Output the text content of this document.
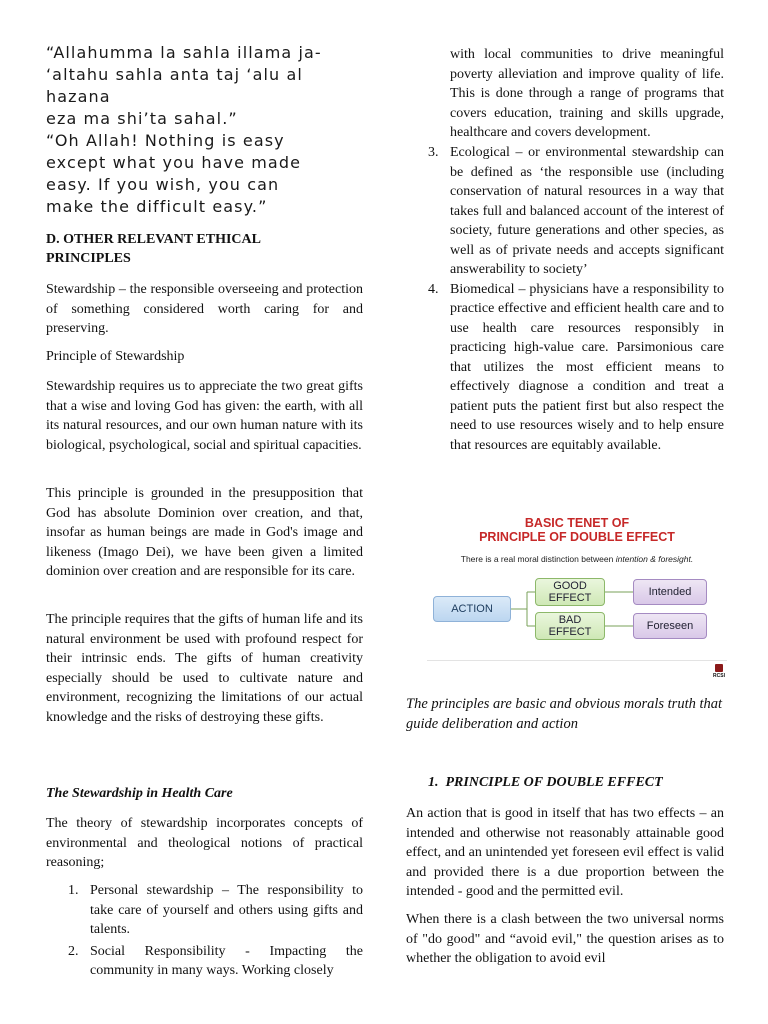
“Allahumma la sahla illama ja-
‘altahu sahla anta taj ‘alu al hazana
eza ma shi’ta sahal.”
“Oh Allah! Nothing is easy
except what you have made
easy. If you wish, you can
make the difficult easy.”
D. OTHER RELEVANT ETHICAL PRINCIPLES

Stewardship – the responsible overseeing and protection of something considered worth caring for and preserving.

Principle of Stewardship

Stewardship requires us to appreciate the two great gifts that a wise and loving God has given: the earth, with all its natural resources, and our own human nature with its biological, psychological, social and spiritual capacities.

This principle is grounded in the presupposition that God has absolute Dominion over creation, and that, insofar as human beings are made in God's image and likeness (Imago Dei), we have been given a limited dominion over creation and are responsible for its care.

The principle requires that the gifts of human life and its natural environment be used with profound respect for their intrinsic ends. The gifts of human creativity especially should be used to cultivate nature and environment, recognizing the limitations of our actual knowledge and the risks of destroying these gifts.

The Stewardship in Health Care

The theory of stewardship incorporates concepts of environmental and theological notions of practical reasoning;

1. Personal stewardship – The responsibility to take care of yourself and others using gifts and talents.
2. Social Responsibility - Impacting the community in many ways. Working closely

with local communities to drive meaningful poverty alleviation and improve quality of life. This is done through a range of programs that covers education, training and skills upgrade, healthcare and covers development.

3. Ecological – or environmental stewardship can be defined as ‘the responsible use (including conservation of natural resources in a way that takes full and balanced account of the interest of society, future generations and other species, as well as of private needs and accepts significant answerability to society’
4. Biomedical – physicians have a responsibility to practice effective and efficient health care and to use health care resources responsibly in practicing high-value care. Parsimonious care that utilizes the most efficient means to effectively diagnose a condition and treat a patient puts the patient first but also respect the need to use resources wisely and to help ensure that resources are equitably available.
BASIC TENET OF
PRINCIPLE OF DOUBLE EFFECT
There is a real moral distinction between intention & foresight.
ACTION
GOOD EFFECT
BAD EFFECT
Intended
Foreseen
RCSI

The principles are basic and obvious morals truth that guide deliberation and action

1.  PRINCIPLE OF DOUBLE EFFECT

An action that is good in itself that has two effects – an intended and otherwise not reasonably attainable good effect, and an unintended yet foreseen evil effect is valid and provided there is a due proportion between the intended - good and the permitted evil.

When there is a clash between the two universal norms of "do good" and “avoid evil," the question arises as to whether the obligation to avoid evil
